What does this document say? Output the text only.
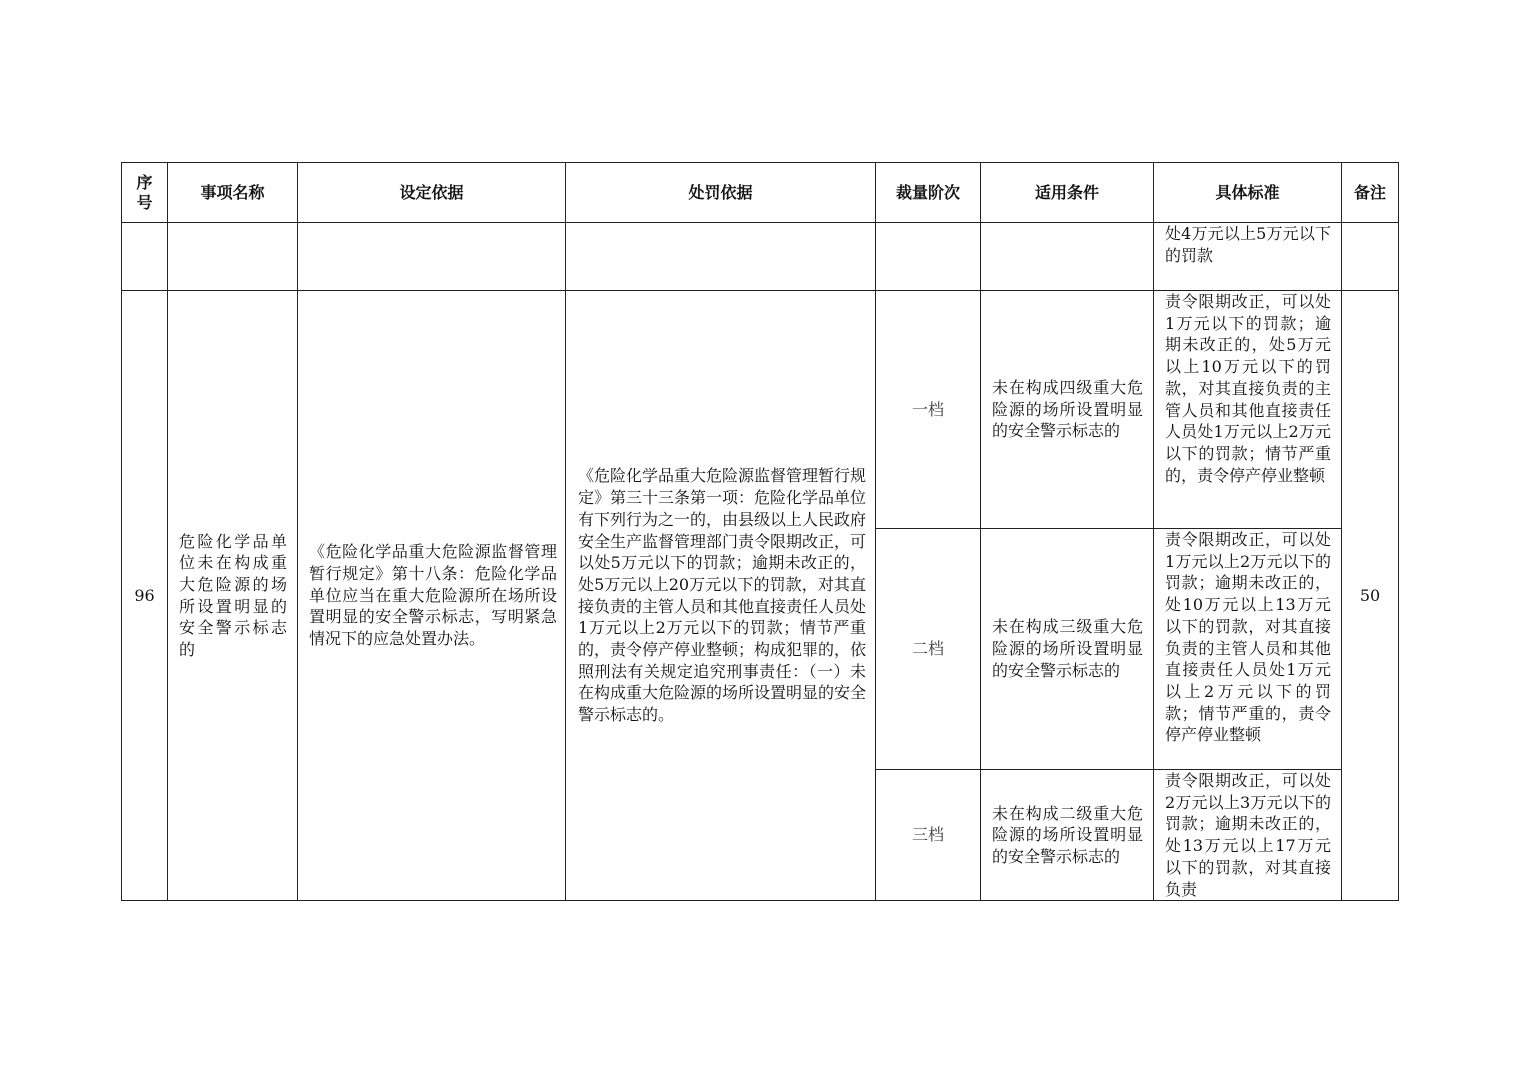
序号	事项名称	设定依据	处罚依据	裁量阶次	适用条件	具体标准	备注

						处4万元以上5万元以下的罚款	

96	危险化学品单位未在构成重大危险源的场所设置明显的安全警示标志的	《危险化学品重大危险源监督管理暂行规定》第十八条：危险化学品单位应当在重大危险源所在场所设置明显的安全警示标志，写明紧急情况下的应急处置办法。	《危险化学品重大危险源监督管理暂行规定》第三十三条第一项：危险化学品单位有下列行为之一的，由县级以上人民政府安全生产监督管理部门责令限期改正，可以处5万元以下的罚款；逾期未改正的，处5万元以上20万元以下的罚款，对其直接负责的主管人员和其他直接责任人员处1万元以上2万元以下的罚款；情节严重的，责令停产停业整顿；构成犯罪的，依照刑法有关规定追究刑事责任：（一）未在构成重大危险源的场所设置明显的安全警示标志的。	一档	未在构成四级重大危险源的场所设置明显的安全警示标志的	责令限期改正，可以处1万元以下的罚款；逾期未改正的，处5万元以上10万元以下的罚款，对其直接负责的主管人员和其他直接责任人员处1万元以上2万元以下的罚款；情节严重的，责令停产停业整顿	50
				二档	未在构成三级重大危险源的场所设置明显的安全警示标志的	责令限期改正，可以处1万元以上2万元以下的罚款；逾期未改正的，处10万元以上13万元以下的罚款，对其直接负责的主管人员和其他直接责任人员处1万元以上2万元以下的罚款；情节严重的，责令停产停业整顿	

				三档	未在构成二级重大危险源的场所设置明显的安全警示标志的	责令限期改正，可以处2万元以上3万元以下的罚款；逾期未改正的，处13万元以上17万元以下的罚款，对其直接负责	
